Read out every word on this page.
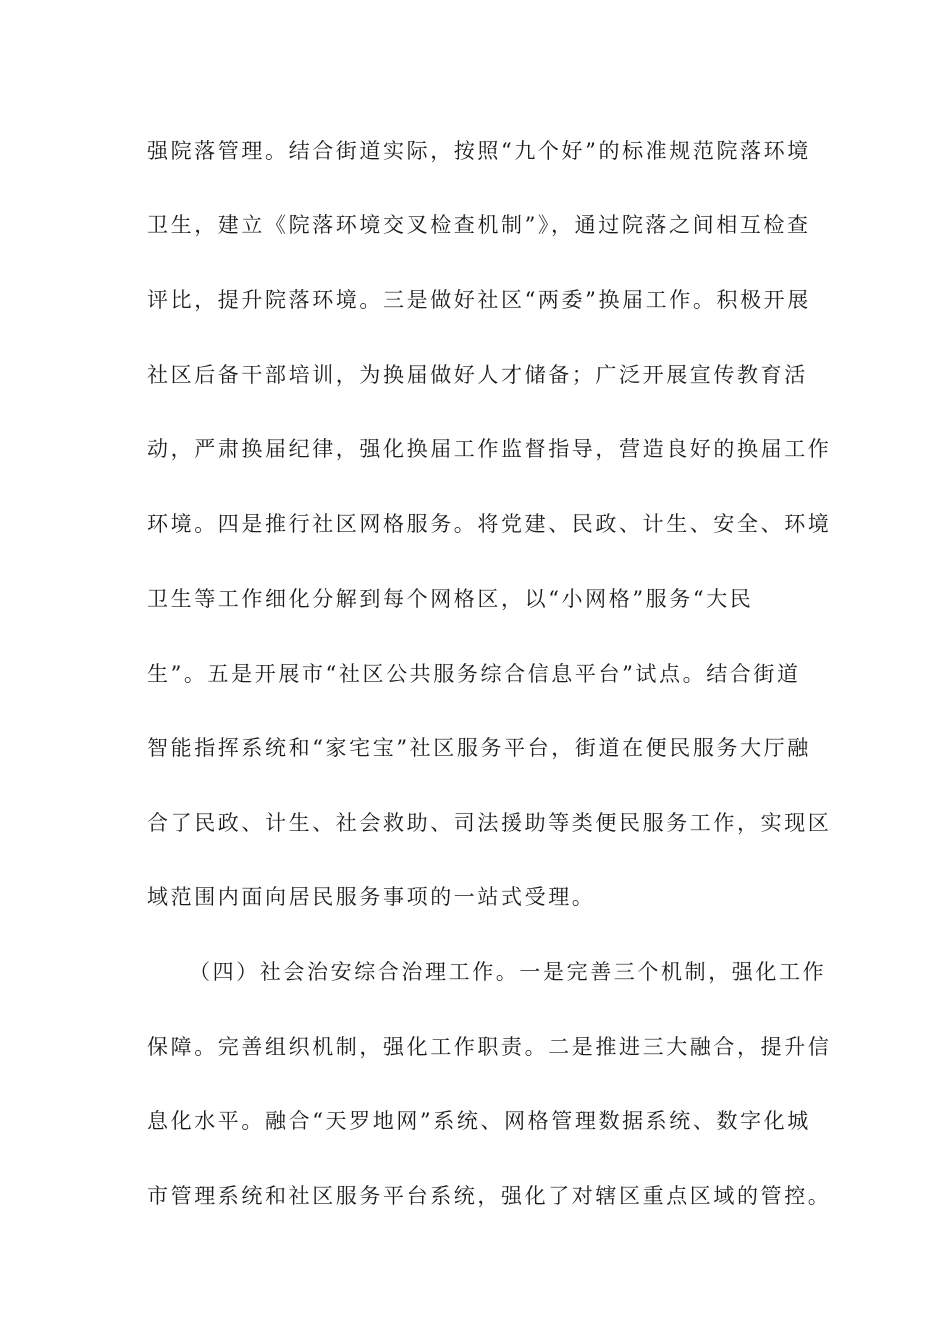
强院落管理。结合街道实际，按照“九个好”的标准规范院落环境
卫生，建立《院落环境交叉检查机制”》，通过院落之间相互检查
评比，提升院落环境。三是做好社区“两委”换届工作。积极开展
社区后备干部培训，为换届做好人才储备；广泛开展宣传教育活
动，严肃换届纪律，强化换届工作监督指导，营造良好的换届工作
环境。四是推行社区网格服务。将党建、民政、计生、安全、环境
卫生等工作细化分解到每个网格区，以“小网格”服务“大民
生”。五是开展市“社区公共服务综合信息平台”试点。结合街道
智能指挥系统和“家宅宝”社区服务平台，街道在便民服务大厅融
合了民政、计生、社会救助、司法援助等类便民服务工作，实现区
域范围内面向居民服务事项的一站式受理。
（四）社会治安综合治理工作。一是完善三个机制，强化工作
保障。完善组织机制，强化工作职责。二是推进三大融合，提升信
息化水平。融合“天罗地网”系统、网格管理数据系统、数字化城
市管理系统和社区服务平台系统，强化了对辖区重点区域的管控。
